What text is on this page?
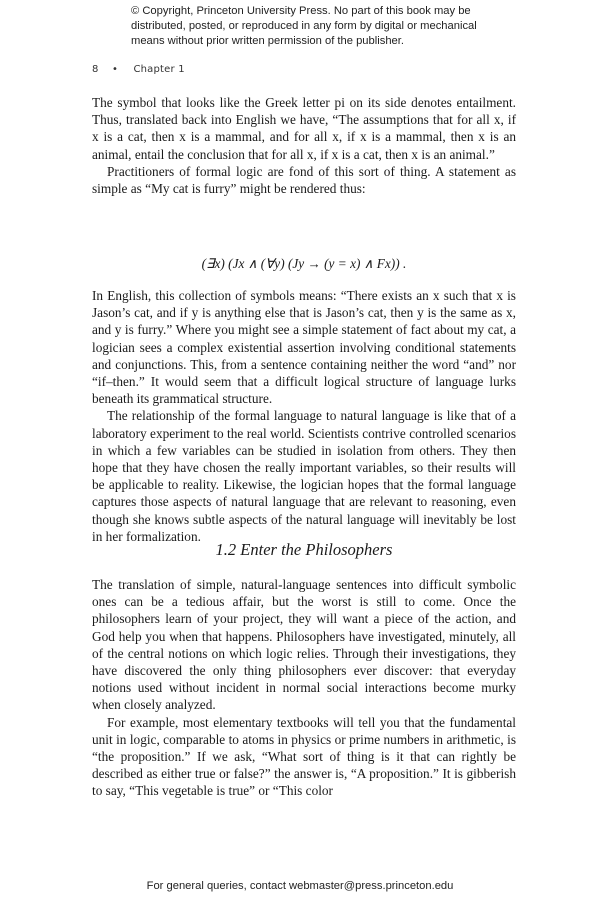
© Copyright, Princeton University Press. No part of this book may be
distributed, posted, or reproduced in any form by digital or mechanical
means without prior written permission of the publisher.
8 • Chapter 1

The symbol that looks like the Greek letter pi on its side denotes entailment. Thus, translated back into English we have, “The assumptions that for all x, if x is a cat, then x is a mammal, and for all x, if x is a mammal, then x is an animal, entail the conclusion that for all x, if x is a cat, then x is an animal.”

Practitioners of formal logic are fond of this sort of thing. A statement as simple as “My cat is furry” might be rendered thus:

(∃x) (Jx ∧ (∀y) (Jy → (y = x) ∧ Fx)) .

In English, this collection of symbols means: “There exists an x such that x is Jason’s cat, and if y is anything else that is Jason’s cat, then y is the same as x, and y is furry.” Where you might see a simple statement of fact about my cat, a logician sees a complex existential assertion involving conditional statements and conjunctions. This, from a sentence containing neither the word “and” nor “if–then.” It would seem that a difficult logical structure of language lurks beneath its grammatical structure.

The relationship of the formal language to natural language is like that of a laboratory experiment to the real world. Scientists contrive controlled scenarios in which a few variables can be studied in isolation from others. They then hope that they have chosen the really important variables, so their results will be applicable to reality. Likewise, the logician hopes that the formal language captures those aspects of natural language that are relevant to reasoning, even though she knows subtle aspects of the natural language will inevitably be lost in her formalization.

1.2 Enter the Philosophers

The translation of simple, natural-language sentences into difficult symbolic ones can be a tedious affair, but the worst is still to come. Once the philosophers learn of your project, they will want a piece of the action, and God help you when that happens. Philosophers have investigated, minutely, all of the central notions on which logic relies. Through their investigations, they have discovered the only thing philosophers ever discover: that everyday notions used without incident in normal social interactions become murky when closely analyzed.

For example, most elementary textbooks will tell you that the fundamental unit in logic, comparable to atoms in physics or prime numbers in arithmetic, is “the proposition.” If we ask, “What sort of thing is it that can rightly be described as either true or false?” the answer is, “A proposition.” It is gibberish to say, “This vegetable is true” or “This color

For general queries, contact webmaster@press.princeton.edu
